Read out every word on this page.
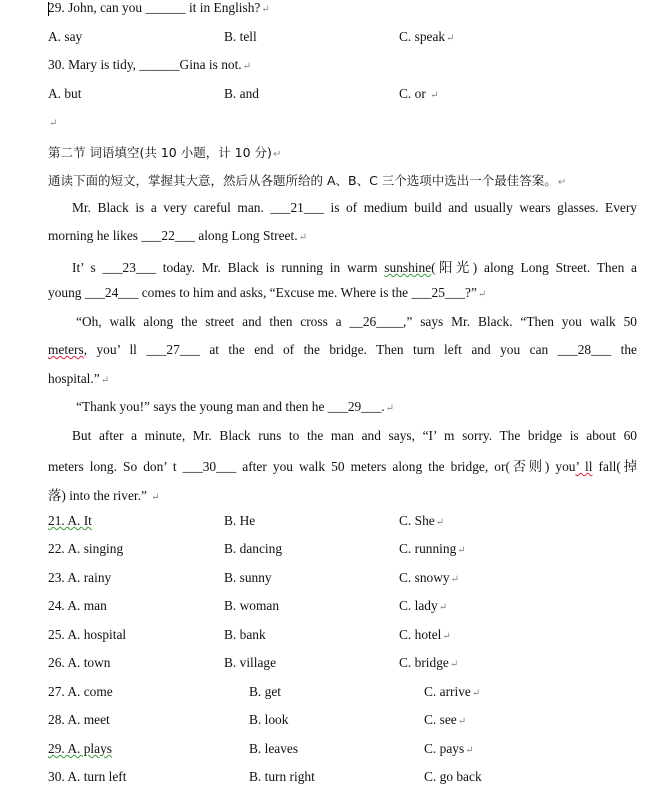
29. John, can you ______ it in English?↵
A. say	B. tell	C. speak↵
30. Mary is tidy, ______Gina is not.↵
A. but	B. and	C. or ↵
↵
第二节 词语填空(共 10 小题，计 10 分)↵
通读下面的短文，掌握其大意，然后从各题所给的 A、B、C 三个选项中选出一个最佳答案。↵
Mr. Black is a very careful man. ___21___ is of medium build and usually wears glasses. Every
morning he likes ___22___ along Long Street.↵
It’ s ___23___ today. Mr. Black is running in warm sunshine(阳光) along Long Street. Then a
young ___24___ comes to him and asks, “Excuse me. Where is the ___25___?”↵
“Oh, walk along the street and then cross a __26____,” says Mr. Black. “Then you walk 50
meters, you’ ll ___27___ at the end of the bridge. Then turn left and you can ___28___ the
hospital.”↵
“Thank you!” says the young man and then he ___29___.↵
But after a minute, Mr. Black runs to the man and says, “I’ m sorry. The bridge is about 60
meters long. So don’ t ___30___ after you walk 50 meters along the bridge, or(否则) you’ ll fall(掉
落) into the river.” ↵
21. A. It	B. He	C. She↵
22. A. singing	B. dancing	C. running↵
23. A. rainy	B. sunny	C. snowy↵
24. A. man	B. woman	C. lady↵
25. A. hospital	B. bank	C. hotel↵
26. A. town	B. village	C. bridge↵
27. A. come	B. get	C. arrive↵
28. A. meet	B. look	C. see↵
29. A. plays	B. leaves	C. pays↵
30. A. turn left	B. turn right	C. go back
